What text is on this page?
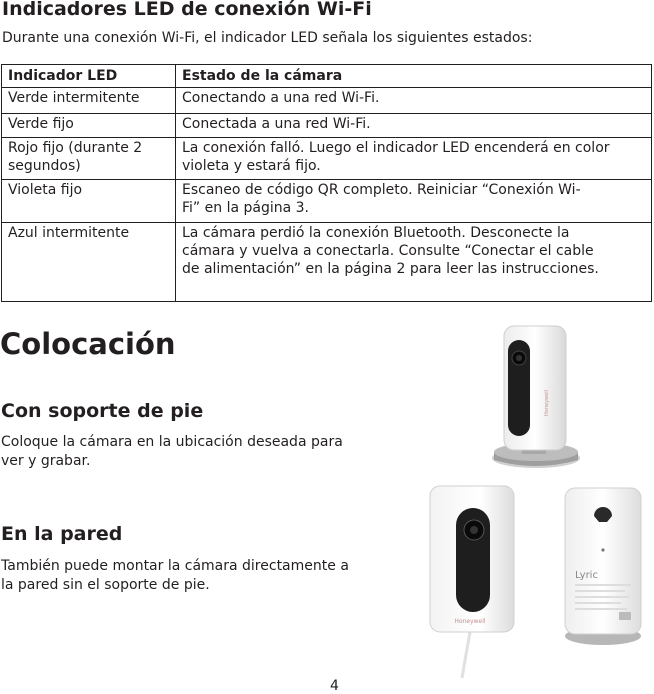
Indicadores LED de conexión Wi-Fi
Durante una conexión Wi-Fi, el indicador LED señala los siguientes estados:
Indicador LED	Estado de la cámara
Verde intermitente	Conectando a una red Wi-Fi.
Verde fijo	Conectada a una red Wi-Fi.
Rojo fijo (durante 2 segundos)	La conexión falló. Luego el indicador LED encenderá en color violeta y estará fijo.
Violeta fijo	Escaneo de código QR completo. Reiniciar “Conexión Wi-Fi” en la página 3.
Azul intermitente	La cámara perdió la conexión Bluetooth. Desconecte la cámara y vuelva a conectarla. Consulte “Conectar el cable de alimentación” en la página 2 para leer las instrucciones.
Colocación
Con soporte de pie
Coloque la cámara en la ubicación deseada para ver y grabar.
En la pared
También puede montar la cámara directamente a la pared sin el soporte de pie.
Honeywell
Honeywell
Lyric
4
